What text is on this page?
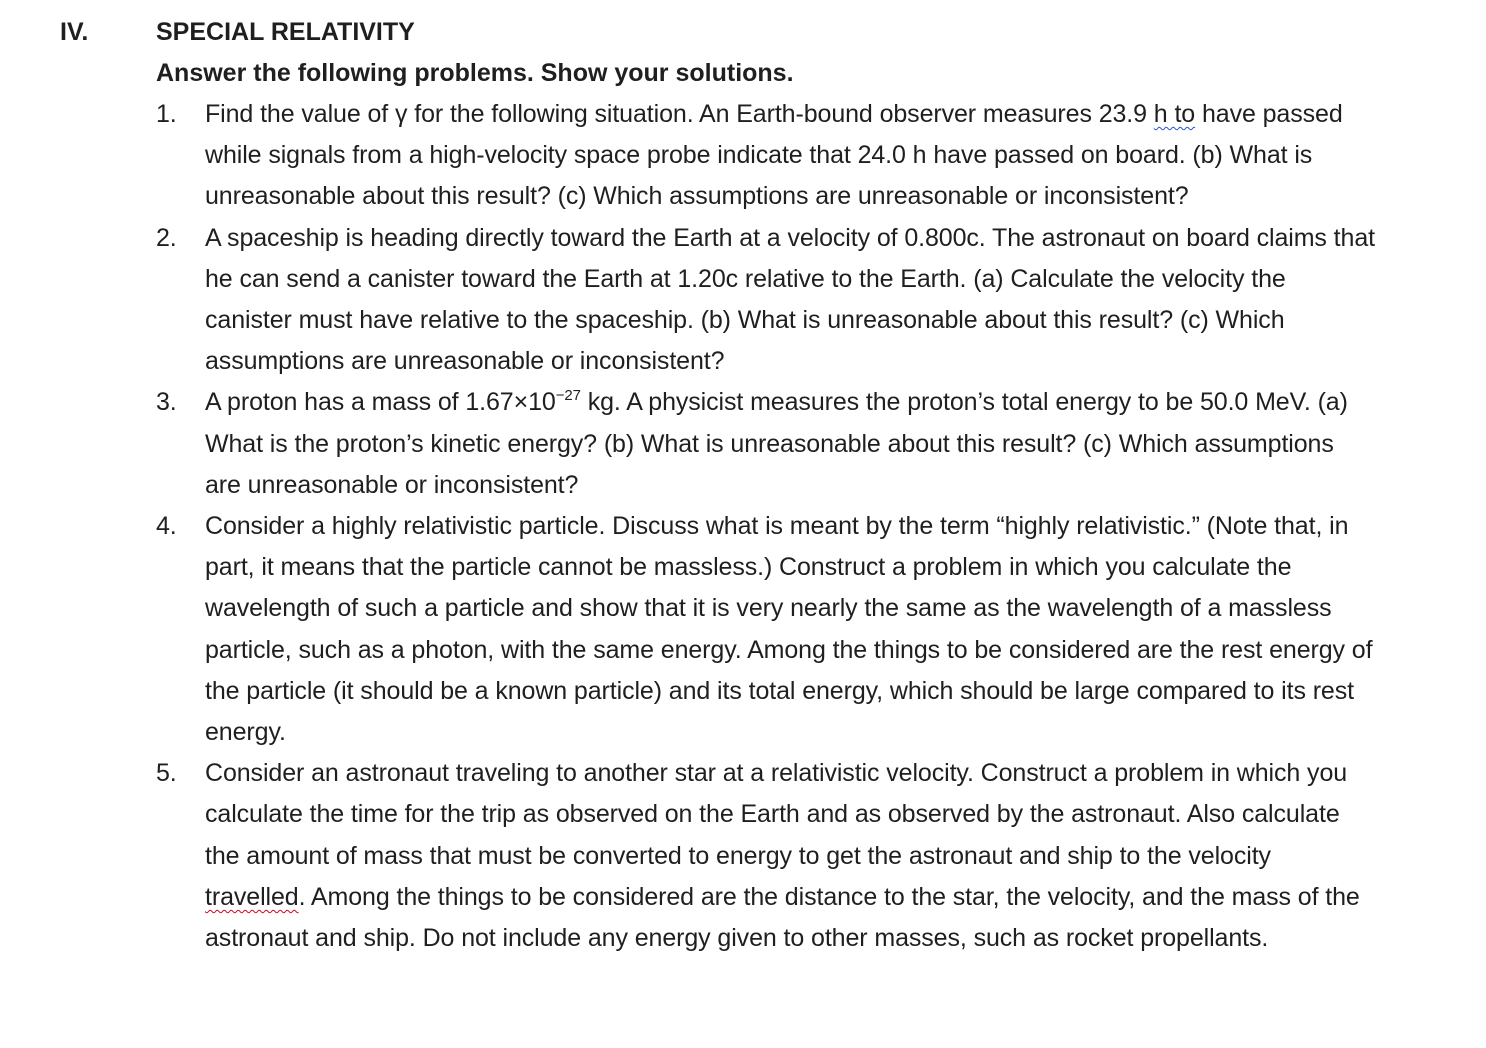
IV.	SPECIAL RELATIVITY
Answer the following problems. Show your solutions.
1. Find the value of γ for the following situation. An Earth-bound observer measures 23.9 h to have passed while signals from a high-velocity space probe indicate that 24.0 h have passed on board. (b) What is unreasonable about this result? (c) Which assumptions are unreasonable or inconsistent?
2. A spaceship is heading directly toward the Earth at a velocity of 0.800c. The astronaut on board claims that he can send a canister toward the Earth at 1.20c relative to the Earth. (a) Calculate the velocity the canister must have relative to the spaceship. (b) What is unreasonable about this result? (c) Which assumptions are unreasonable or inconsistent?
3. A proton has a mass of $1.67\times 10^{-27}$ kg. A physicist measures the proton’s total energy to be 50.0 MeV. (a) What is the proton’s kinetic energy? (b) What is unreasonable about this result? (c) Which assumptions are unreasonable or inconsistent?
4. Consider a highly relativistic particle. Discuss what is meant by the term “highly relativistic.” (Note that, in part, it means that the particle cannot be massless.) Construct a problem in which you calculate the wavelength of such a particle and show that it is very nearly the same as the wavelength of a massless particle, such as a photon, with the same energy. Among the things to be considered are the rest energy of the particle (it should be a known particle) and its total energy, which should be large compared to its rest energy.
5. Consider an astronaut traveling to another star at a relativistic velocity. Construct a problem in which you calculate the time for the trip as observed on the Earth and as observed by the astronaut. Also calculate the amount of mass that must be converted to energy to get the astronaut and ship to the velocity travelled. Among the things to be considered are the distance to the star, the velocity, and the mass of the astronaut and ship. Do not include any energy given to other masses, such as rocket propellants.
